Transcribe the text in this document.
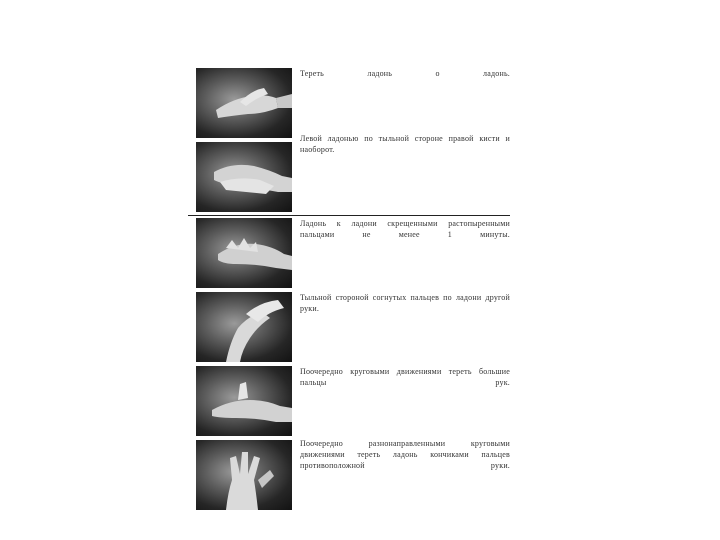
Тереть ладонь о ладонь.
Левой ладонью по тыльной стороне правой кисти и наоборот.
Ладонь к ладони скрещенными растопыренными пальцами не менее 1 минуты.
Тыльной стороной согнутых пальцев по ладони другой руки.
Поочередно круговыми движениями тереть большие пальцы рук.
Поочередно разнонаправленными круговыми движениями тереть ладонь кончиками пальцев противоположной руки.
